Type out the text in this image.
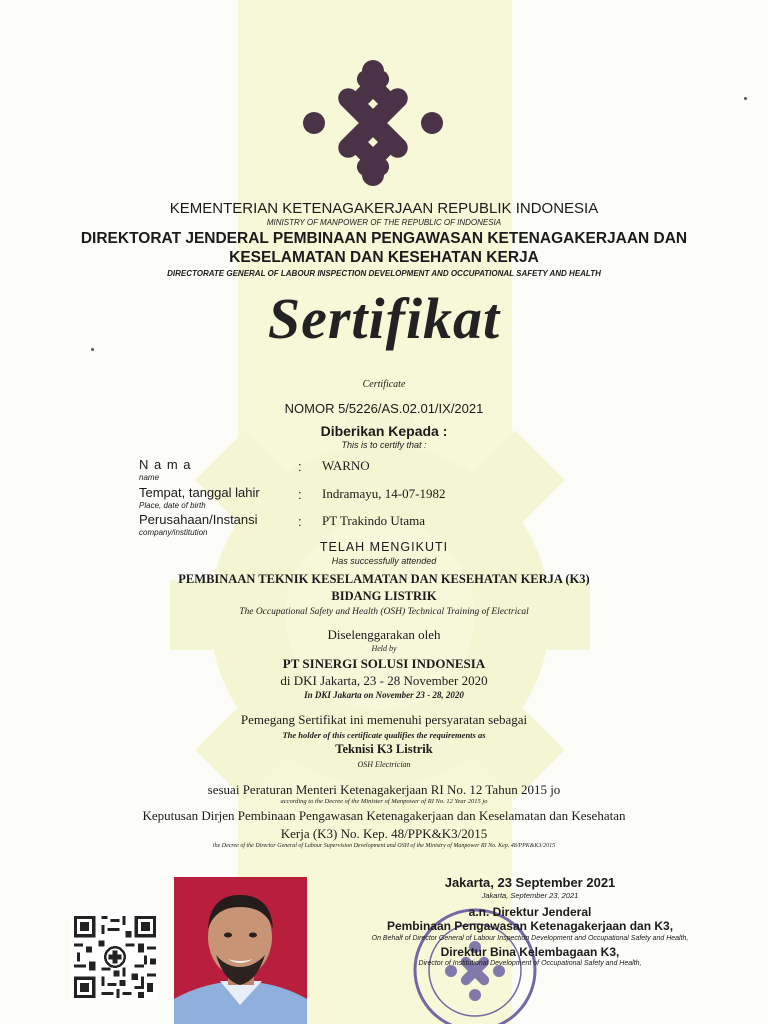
KEMENTERIAN KETENAGAKERJAAN REPUBLIK INDONESIA
MINISTRY OF MANPOWER OF THE REPUBLIC OF INDONESIA
DIREKTORAT JENDERAL PEMBINAAN PENGAWASAN KETENAGAKERJAAN DAN
KESELAMATAN DAN KESEHATAN KERJA
DIRECTORATE GENERAL OF LABOUR INSPECTION DEVELOPMENT AND OCCUPATIONAL SAFETY AND HEALTH
Sertifikat
Certificate
NOMOR 5/5226/AS.02.01/IX/2021
Diberikan Kepada :
This is to certify that :
N a m a
name
: WARNO
Tempat, tanggal lahir
Place, date of birth
: Indramayu, 14-07-1982
Perusahaan/Instansi
company/institution
: PT Trakindo Utama
TELAH MENGIKUTI
Has successfully attended
PEMBINAAN TEKNIK KESELAMATAN DAN KESEHATAN KERJA (K3)
BIDANG LISTRIK
The Occupational Safety and Health (OSH) Technical Training of Electrical
Diselenggarakan oleh
Held by
PT SINERGI SOLUSI INDONESIA
di DKI Jakarta, 23 - 28 November 2020
In DKI Jakarta on November 23 - 28, 2020
Pemegang Sertifikat ini memenuhi persyaratan sebagai
The holder of this certificate qualifies the requirements as
Teknisi K3 Listrik
OSH Electrician
sesuai Peraturan Menteri Ketenagakerjaan RI No. 12 Tahun 2015 jo
according to the Decree of the Minister of Manpower of RI No. 12 Year 2015 jo
Keputusan Dirjen Pembinaan Pengawasan Ketenagakerjaan dan Keselamatan dan Kesehatan
Kerja (K3) No. Kep. 48/PPK&K3/2015
the Decree of the Director General of Labour Supervision Development and OSH of the Ministry of Manpower RI No. Kep. 48/PPK&K3/2015
Jakarta, 23 September 2021
Jakarta, September 23, 2021
a.n. Direktur Jenderal
Pembinaan Pengawasan Ketenagakerjaan dan K3,
On Behalf of Director General of Labour Inspection Development and Occupational Safety and Health,
Direktur Bina Kelembagaan K3,
Director of Institutional Development of Occupational Safety and Health,
